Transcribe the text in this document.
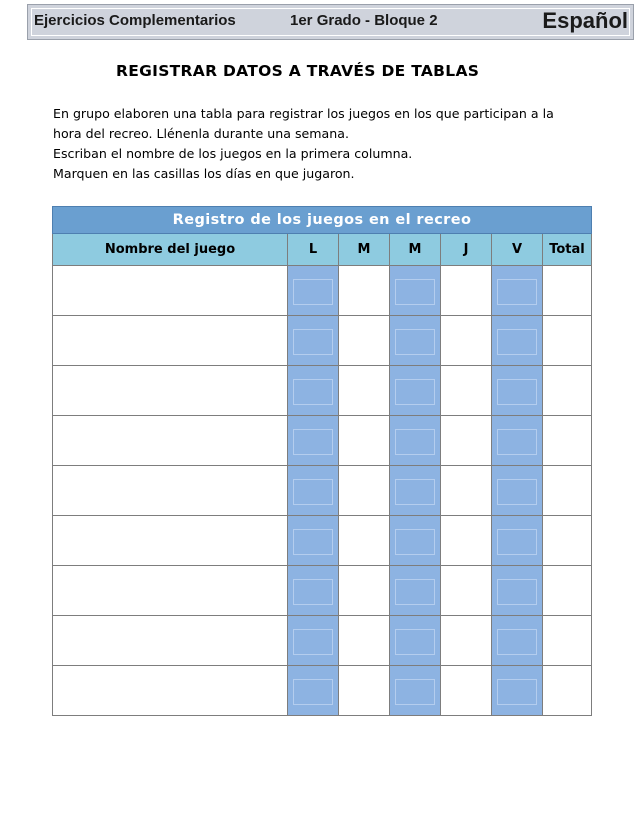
Ejercicios Complementarios	1er Grado - Bloque 2	Español
REGISTRAR DATOS A TRAVÉS DE TABLAS
En grupo elaboren una tabla para registrar los juegos en los que participan a la
hora del recreo. Llénenla durante una semana.
Escriban el nombre de los juegos en la primera columna.
Marquen en las casillas los días en que jugaron.
Registro de los juegos en el recreo
Nombre del juego	L	M	M	J	V	Total
